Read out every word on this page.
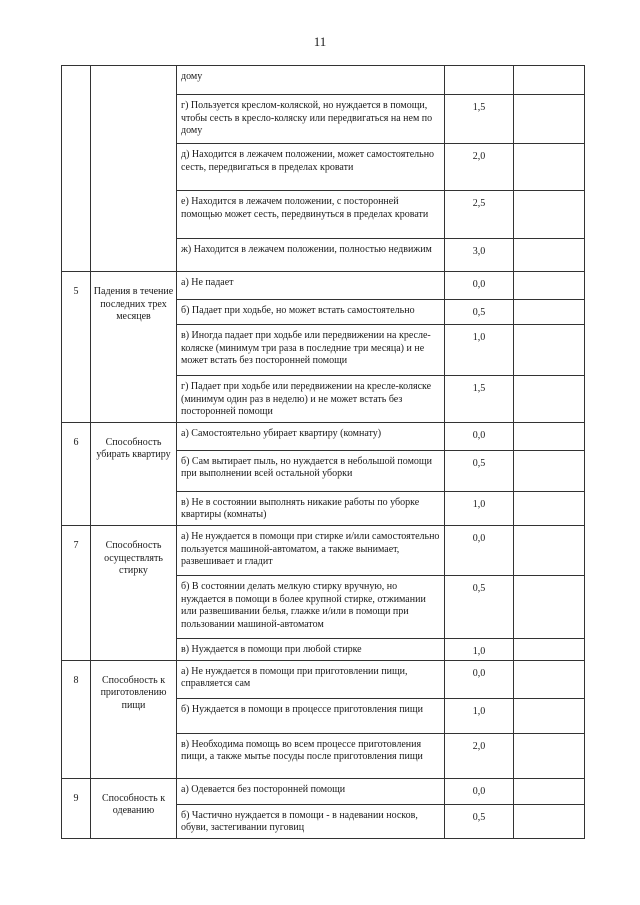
11
		дому		
		г) Пользуется креслом-коляской, но нуждается в помощи, чтобы сесть в кресло-коляску или передвигаться на нем по дому	1,5	
		д) Находится в лежачем положении, может самостоятельно сесть, передвигаться в пределах кровати	2,0	
		е) Находится в лежачем положении, с посторонней помощью может сесть, передвинуться в пределах кровати	2,5	
		ж) Находится в лежачем положении, полностью недвижим	3,0	
5	Падения в течение последних трех месяцев	а) Не падает	0,0	
		б) Падает при ходьбе, но может встать самостоятельно	0,5	
		в) Иногда падает при ходьбе или передвижении на кресле-коляске (минимум три раза в последние три месяца) и не может встать без посторонней помощи	1,0	
		г) Падает при ходьбе или передвижении на кресле-коляске (минимум один раз в неделю) и не может встать без посторонней помощи	1,5	
6	Способность убирать квартиру	а) Самостоятельно убирает квартиру (комнату)	0,0	
		б) Сам вытирает пыль, но нуждается в небольшой помощи при выполнении всей остальной уборки	0,5	
		в) Не в состоянии выполнять никакие работы по уборке квартиры (комнаты)	1,0	
7	Способность осуществлять стирку	а) Не нуждается в помощи при стирке и/или самостоятельно пользуется машиной-автоматом, а также вынимает, развешивает и гладит	0,0	
		б) В состоянии делать мелкую стирку вручную, но нуждается в помощи в более крупной стирке, отжимании или развешивании белья, глажке и/или в помощи при пользовании машиной-автоматом	0,5	
		в) Нуждается в помощи при любой стирке	1,0	
8	Способность к приготовлению пищи	а) Не нуждается в помощи при приготовлении пищи, справляется сам	0,0	
		б) Нуждается в помощи в процессе приготовления пищи	1,0	
		в) Необходима помощь во всем процессе приготовления пищи, а также мытье посуды после приготовления пищи	2,0	
9	Способность к одеванию	а) Одевается без посторонней помощи	0,0	
		б) Частично нуждается в помощи - в надевании носков, обуви, застегивании пуговиц	0,5	
